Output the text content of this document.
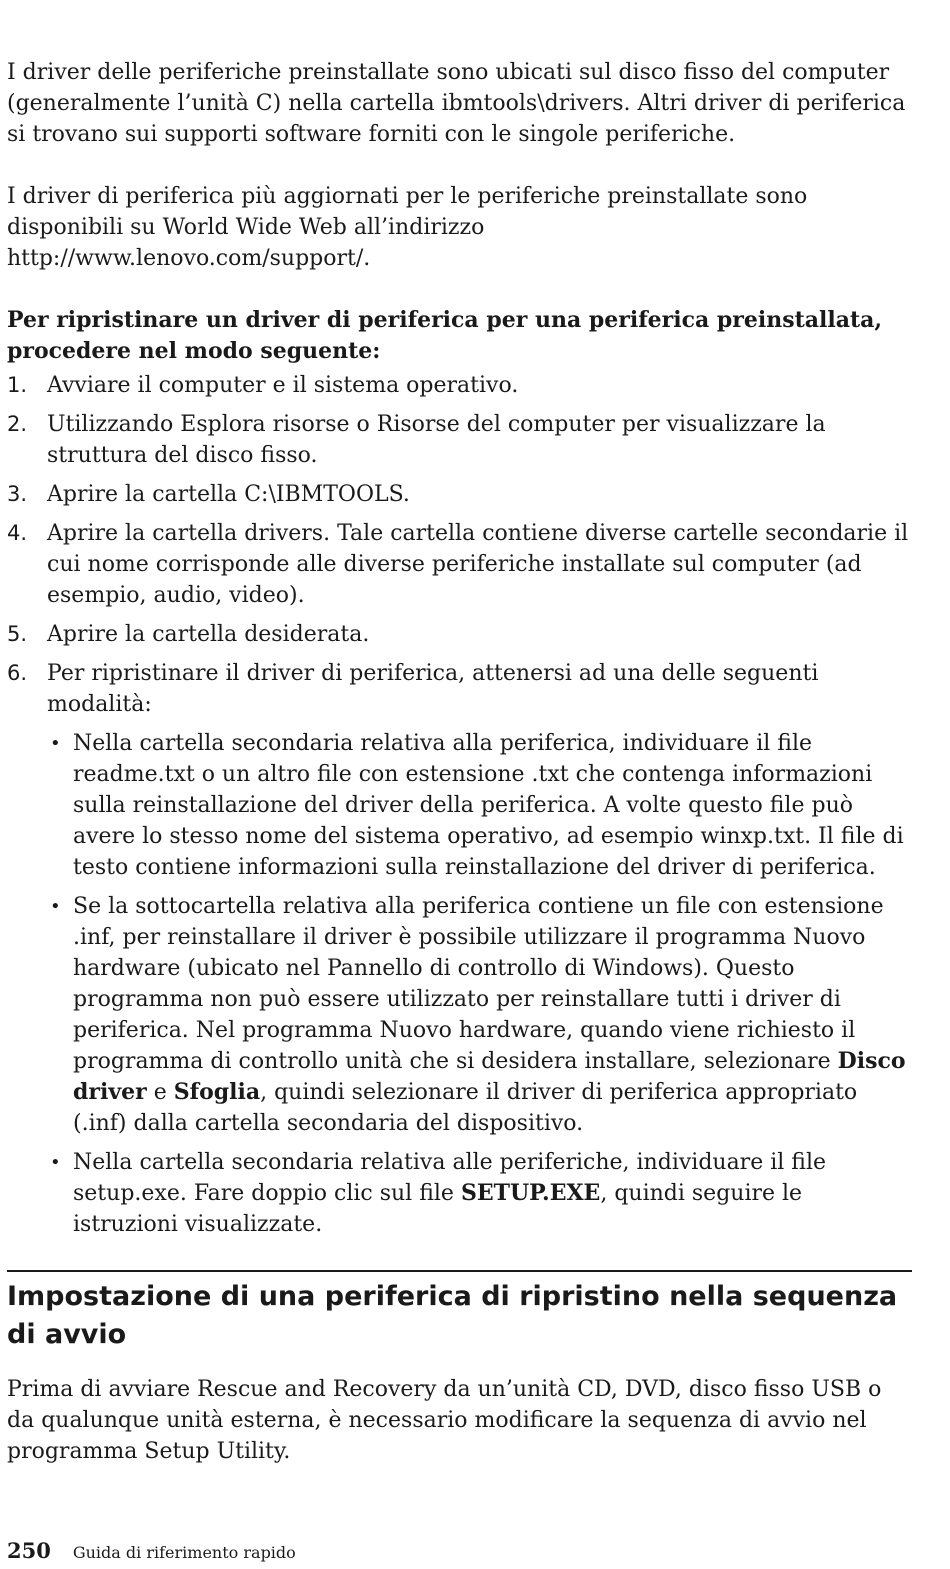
I driver delle periferiche preinstallate sono ubicati sul disco fisso del computer (generalmente l’unità C) nella cartella ibmtools\drivers. Altri driver di periferica si trovano sui supporti software forniti con le singole periferiche.

I driver di periferica più aggiornati per le periferiche preinstallate sono disponibili su World Wide Web all’indirizzo
http://www.lenovo.com/support/.

Per ripristinare un driver di periferica per una periferica preinstallata,
procedere nel modo seguente:

1. Avviare il computer e il sistema operativo.
2. Utilizzando Esplora risorse o Risorse del computer per visualizzare la struttura del disco fisso.
3. Aprire la cartella C:\IBMTOOLS.
4. Aprire la cartella drivers. Tale cartella contiene diverse cartelle secondarie il cui nome corrisponde alle diverse periferiche installate sul computer (ad esempio, audio, video).
5. Aprire la cartella desiderata.
6. Per ripristinare il driver di periferica, attenersi ad una delle seguenti modalità:
• Nella cartella secondaria relativa alla periferica, individuare il file readme.txt o un altro file con estensione .txt che contenga informazioni sulla reinstallazione del driver della periferica. A volte questo file può avere lo stesso nome del sistema operativo, ad esempio winxp.txt. Il file di testo contiene informazioni sulla reinstallazione del driver di periferica.
• Se la sottocartella relativa alla periferica contiene un file con estensione .inf, per reinstallare il driver è possibile utilizzare il programma Nuovo hardware (ubicato nel Pannello di controllo di Windows). Questo programma non può essere utilizzato per reinstallare tutti i driver di periferica. Nel programma Nuovo hardware, quando viene richiesto il programma di controllo unità che si desidera installare, selezionare Disco driver e Sfoglia, quindi selezionare il driver di periferica appropriato (.inf) dalla cartella secondaria del dispositivo.
• Nella cartella secondaria relativa alle periferiche, individuare il file setup.exe. Fare doppio clic sul file SETUP.EXE, quindi seguire le istruzioni visualizzate.
Impostazione di una periferica di ripristino nella sequenza di avvio

Prima di avviare Rescue and Recovery da un’unità CD, DVD, disco fisso USB o da qualunque unità esterna, è necessario modificare la sequenza di avvio nel programma Setup Utility.

250 Guida di riferimento rapido
